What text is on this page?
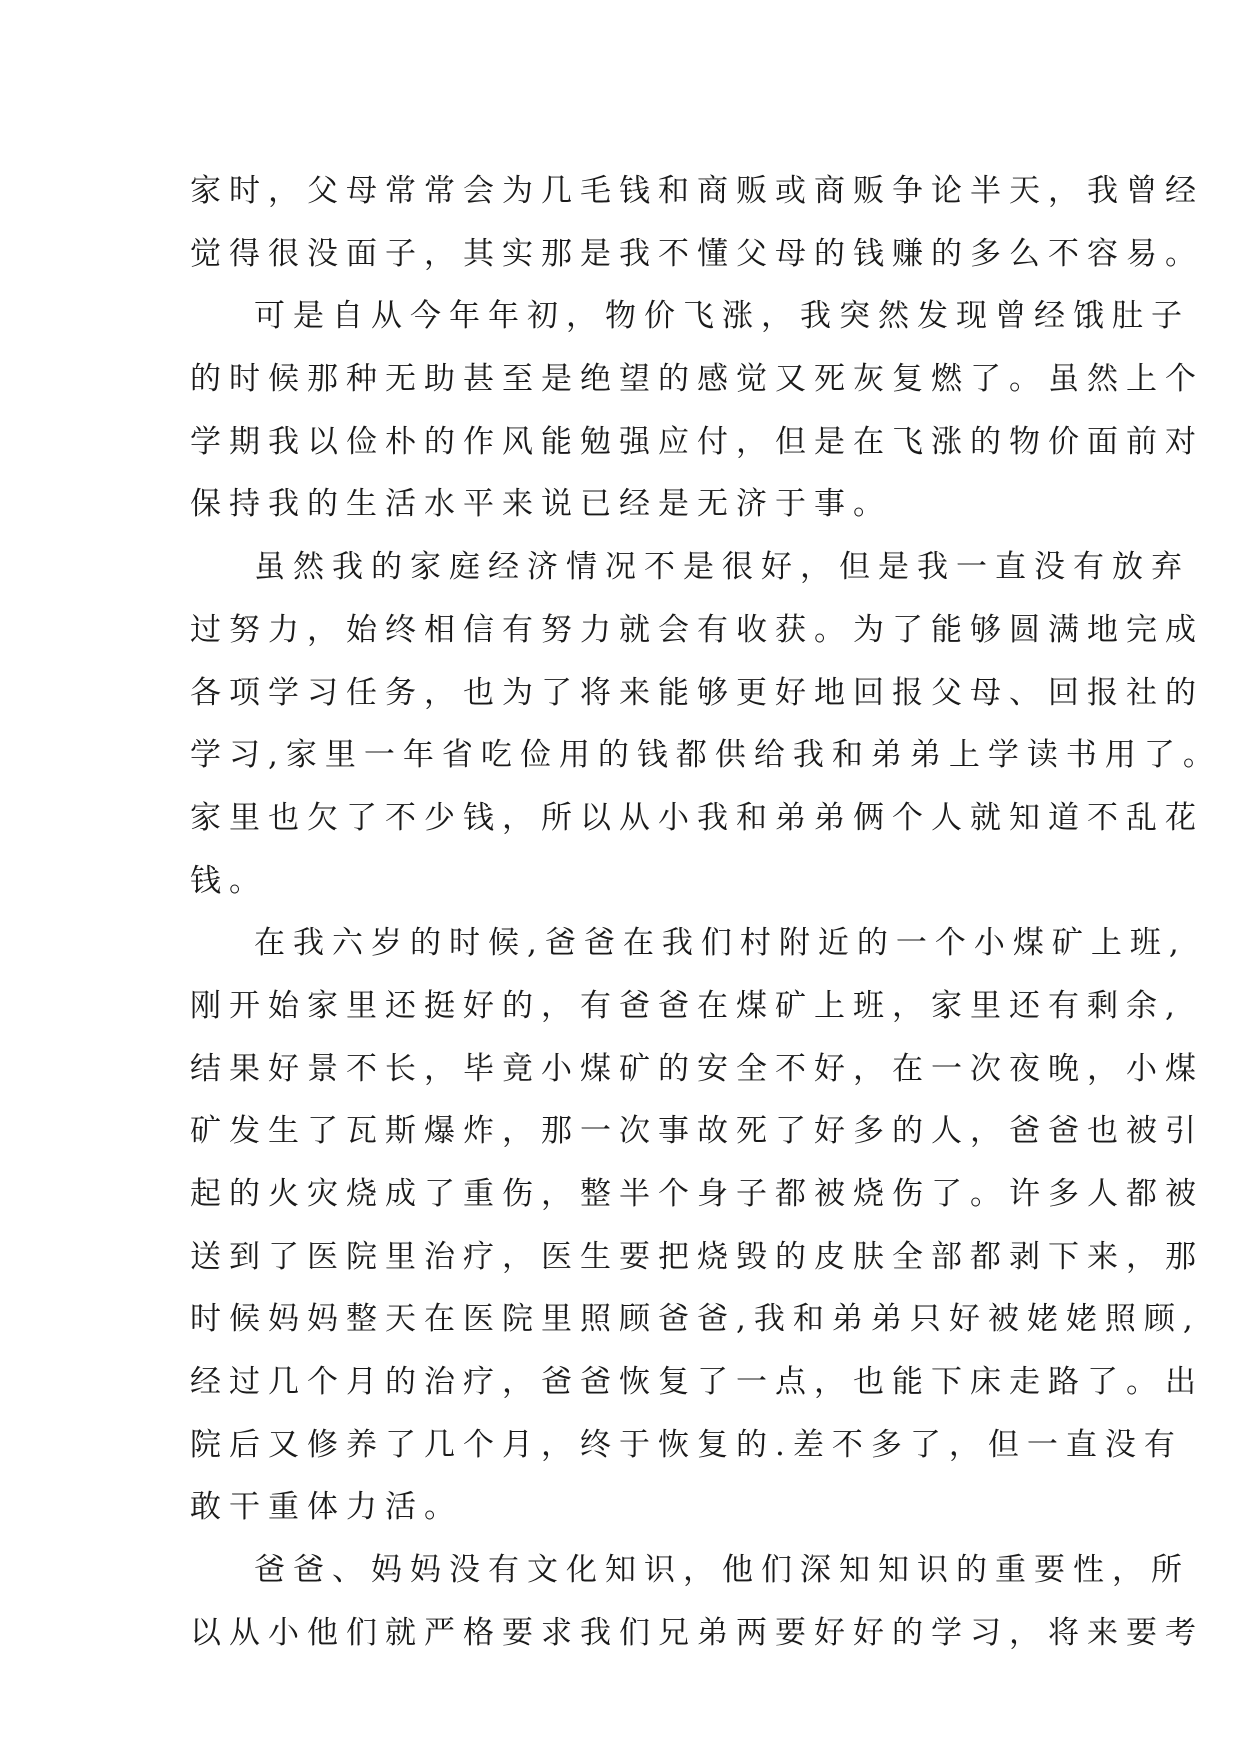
家时，父母常常会为几毛钱和商贩或商贩争论半天，我曾经
觉得很没面子，其实那是我不懂父母的钱赚的多么不容易。
可是自从今年年初，物价飞涨，我突然发现曾经饿肚子
的时候那种无助甚至是绝望的感觉又死灰复燃了。虽然上个
学期我以俭朴的作风能勉强应付，但是在飞涨的物价面前对
保持我的生活水平来说已经是无济于事。
虽然我的家庭经济情况不是很好，但是我一直没有放弃
过努力，始终相信有努力就会有收获。为了能够圆满地完成
各项学习任务，也为了将来能够更好地回报父母、回报社的
学习,家里一年省吃俭用的钱都供给我和弟弟上学读书用了。
家里也欠了不少钱，所以从小我和弟弟俩个人就知道不乱花
钱。
在我六岁的时候,爸爸在我们村附近的一个小煤矿上班,
刚开始家里还挺好的，有爸爸在煤矿上班，家里还有剩余,
结果好景不长，毕竟小煤矿的安全不好，在一次夜晚，小煤
矿发生了瓦斯爆炸，那一次事故死了好多的人，爸爸也被引
起的火灾烧成了重伤，整半个身子都被烧伤了。许多人都被
送到了医院里治疗，医生要把烧毁的皮肤全部都剥下来，那
时候妈妈整天在医院里照顾爸爸,我和弟弟只好被姥姥照顾,
经过几个月的治疗，爸爸恢复了一点，也能下床走路了。出
院后又修养了几个月，终于恢复的.差不多了，但一直没有
敢干重体力活。
爸爸、妈妈没有文化知识，他们深知知识的重要性，所
以从小他们就严格要求我们兄弟两要好好的学习，将来要考
